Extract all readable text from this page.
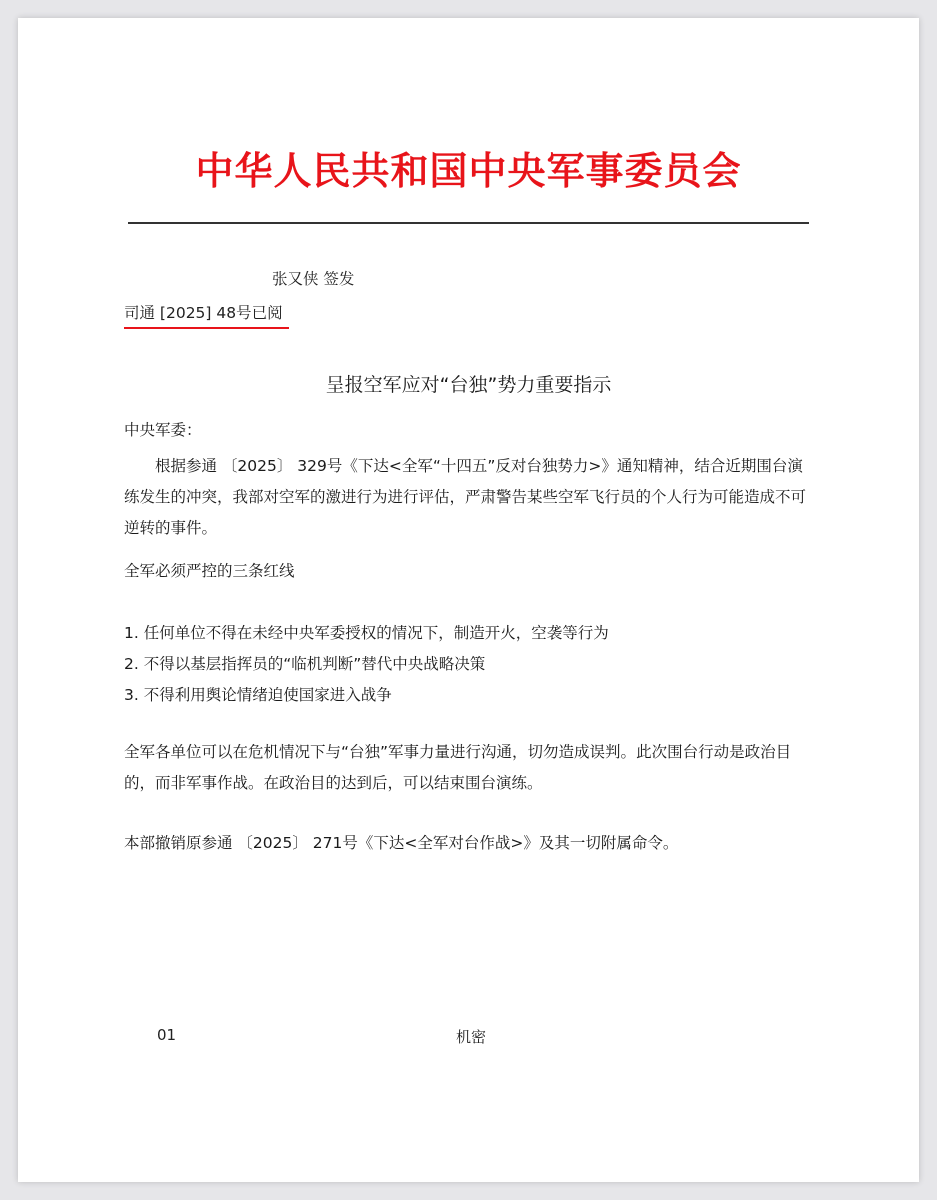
中华人民共和国中央军事委员会
张又侠 签发
司通 [2025] 48号已阅
呈报空军应对“台独”势力重要指示

中央军委：

根据参通 〔2025〕 329号《下达<全军“十四五”反对台独势力>》通知精神，结合近期围台演练发生的冲突，我部对空军的激进行为进行评估，严肃警告某些空军飞行员的个人行为可能造成不可逆转的事件。

全军必须严控的三条红线

1. 任何单位不得在未经中央军委授权的情况下，制造开火，空袭等行为
2. 不得以基层指挥员的“临机判断”替代中央战略决策
3. 不得利用舆论情绪迫使国家进入战争

全军各单位可以在危机情况下与“台独”军事力量进行沟通，切勿造成误判。此次围台行动是政治目的，而非军事作战。在政治目的达到后，可以结束围台演练。

本部撤销原参通 〔2025〕 271号《下达<全军对台作战>》及其一切附属命令。

01	机密
